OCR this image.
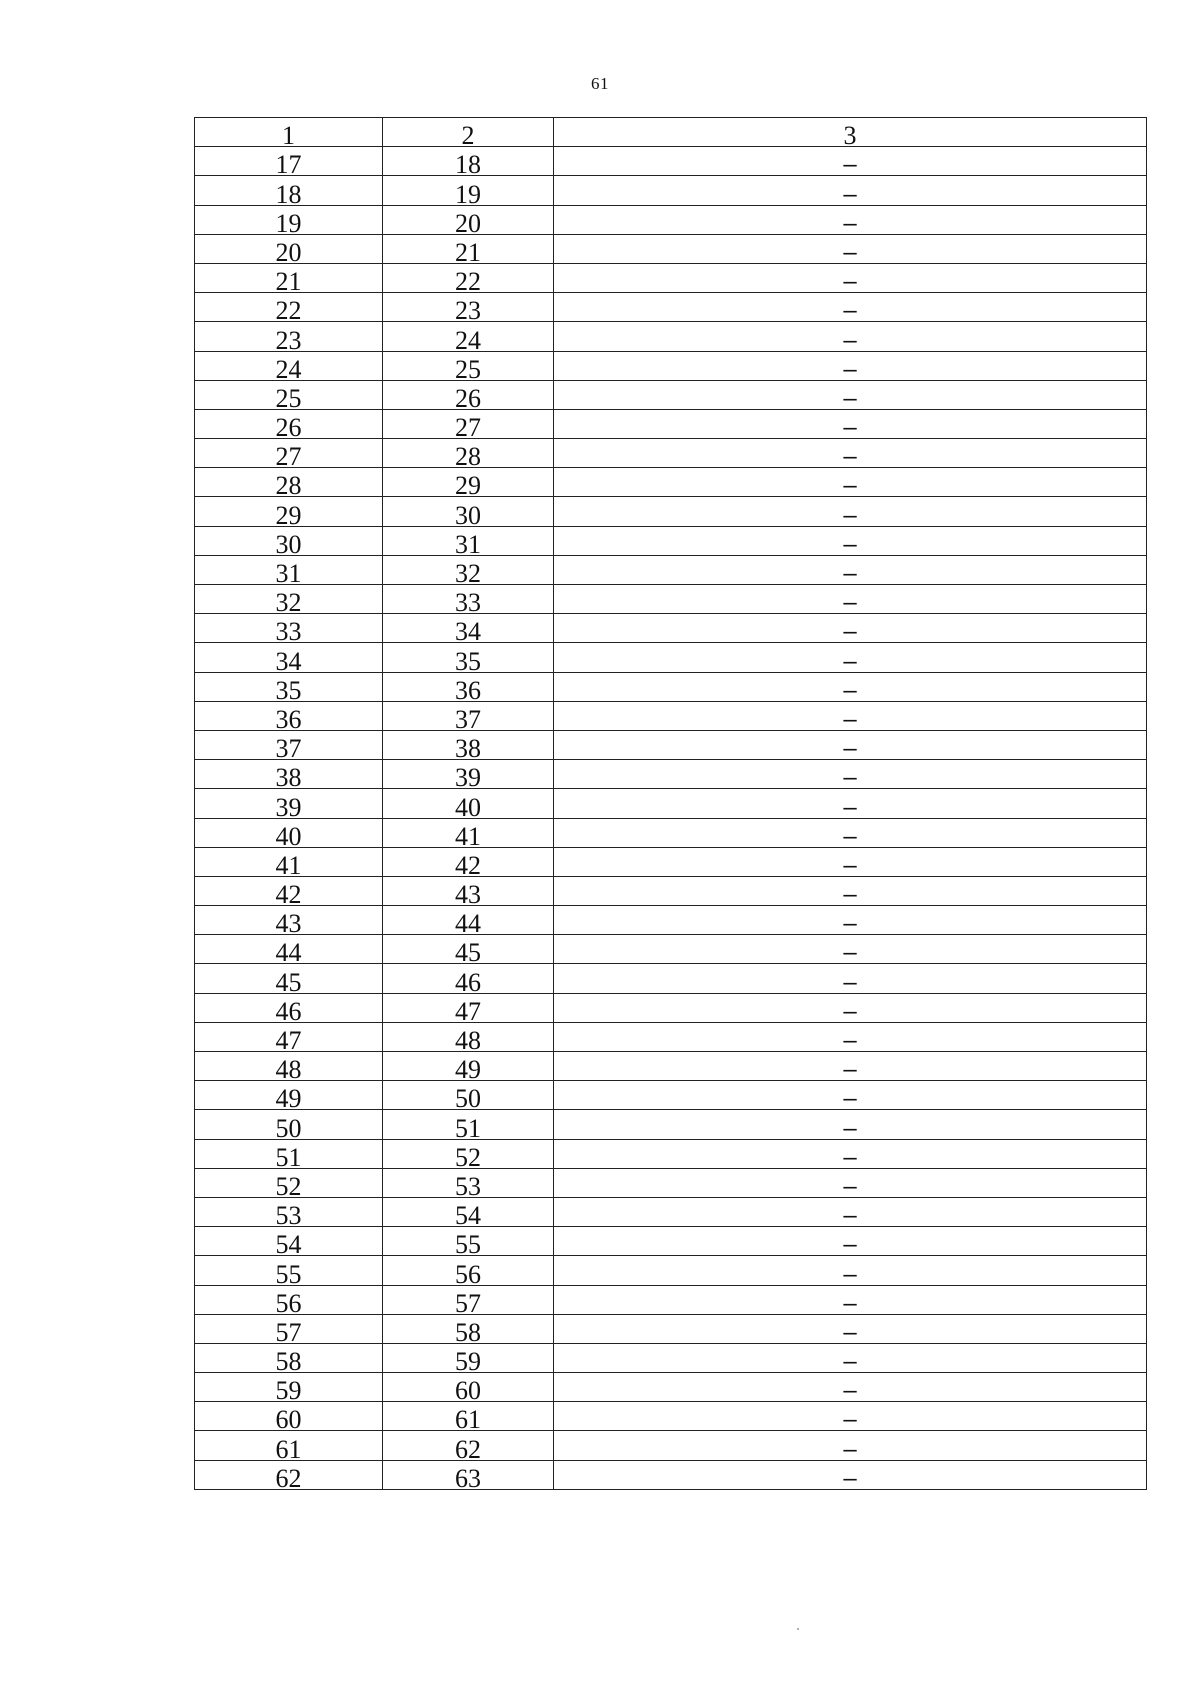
61
1	2	3
17	18	–
18	19	–
19	20	–
20	21	–
21	22	–
22	23	–
23	24	–
24	25	–
25	26	–
26	27	–
27	28	–
28	29	–
29	30	–
30	31	–
31	32	–
32	33	–
33	34	–
34	35	–
35	36	–
36	37	–
37	38	–
38	39	–
39	40	–
40	41	–
41	42	–
42	43	–
43	44	–
44	45	–
45	46	–
46	47	–
47	48	–
48	49	–
49	50	–
50	51	–
51	52	–
52	53	–
53	54	–
54	55	–
55	56	–
56	57	–
57	58	–
58	59	–
59	60	–
60	61	–
61	62	–
62	63	–
